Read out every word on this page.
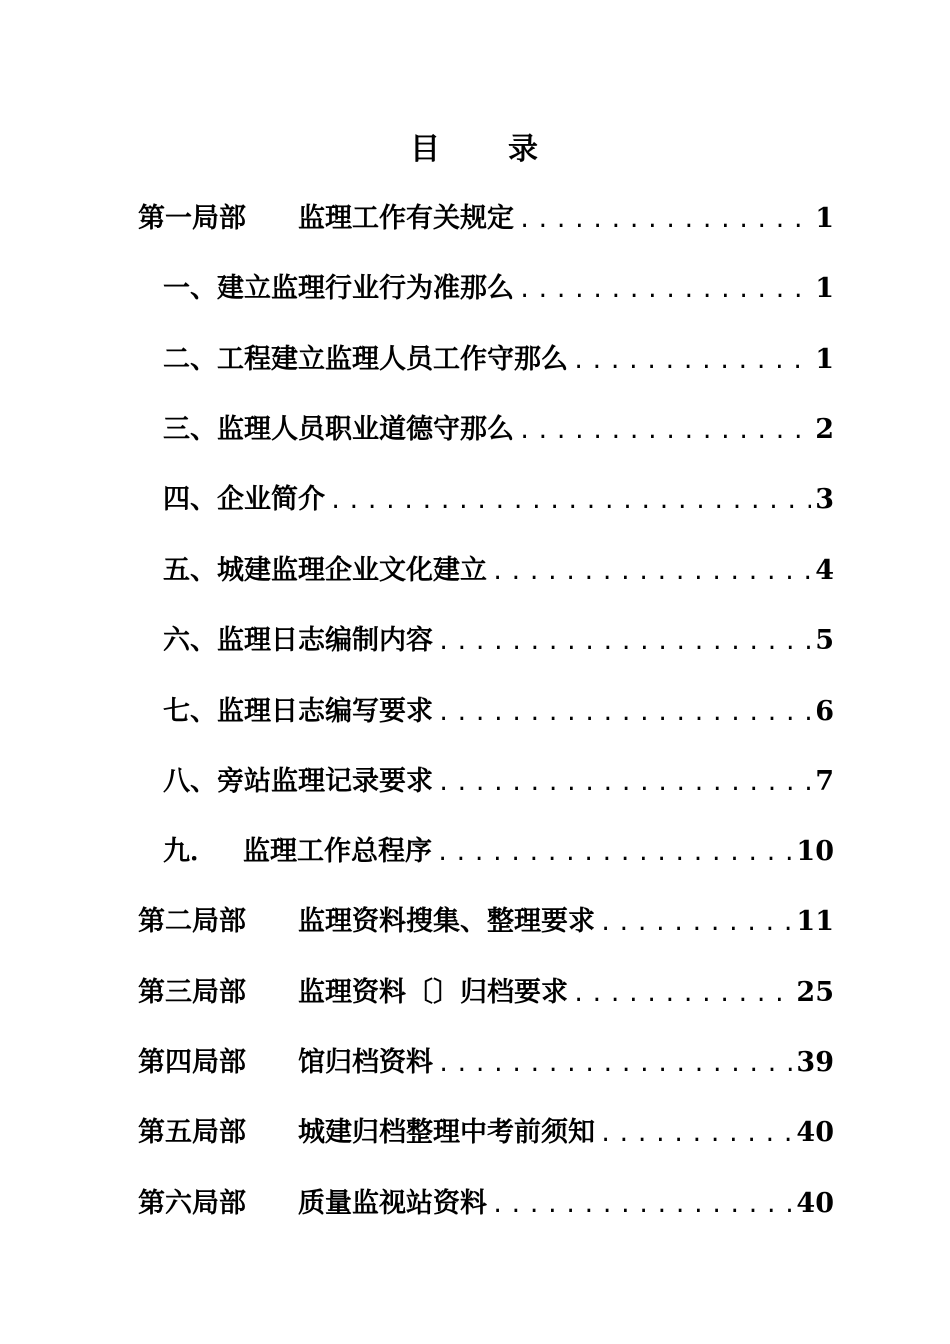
目 录
第一局部	监理工作有关规定 .....	1
一、 建立监理行业行为准那么 .....	1
二、 工程建立监理人员工作守那么 .....	1
三、 监理人员职业道德守那么 .....	2
四、 企业简介 .....	3
五、 城建监理企业文化建立 .....	4
六、 监理日志编制内容 .....	5
七、 监理日志编写要求 .....	6
八、 旁站监理记录要求 .....	7
九． 监理工作总程序 .....	10
第二局部	监理资料搜集、整理要求 .....	11
第三局部	监理资料〔〕归档要求 .....	25
第四局部	馆归档资料 .....	39
第五局部	城建归档整理中考前须知 .....	40
第六局部	质量监视站资料 .....	40
